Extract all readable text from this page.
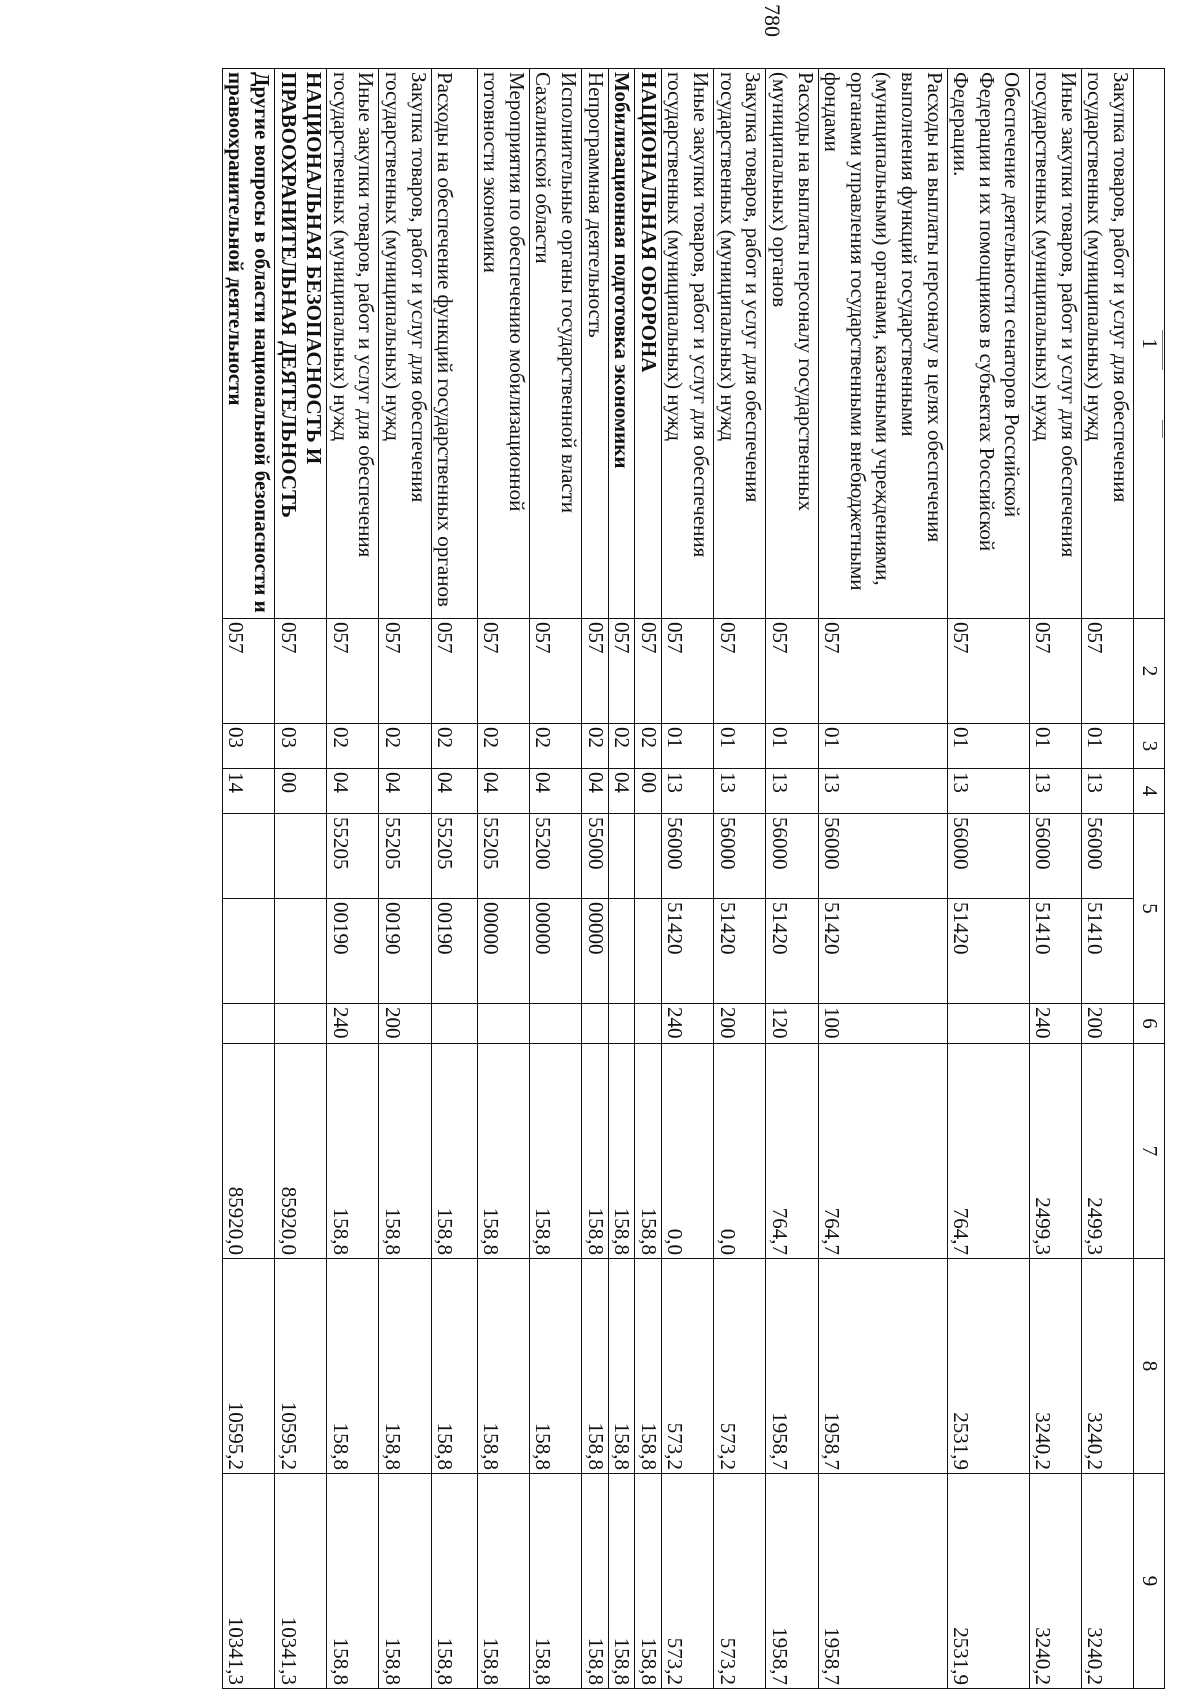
780
1	2	3	4	5		6	7	8	9
Закупка товаров, работ и услуг для обеспечения государственных (муниципальных) нужд	057	01	13	56000	51410	200	2499,3	3240,2	3240,2
Иные закупки товаров, работ и услуг для обеспечения государственных (муниципальных) нужд	057	01	13	56000	51410	240	2499,3	3240,2	3240,2
Обеспечение деятельности сенаторов Российской Федерации и их помощников в субъектах Российской Федерации.	057	01	13	56000	51420		764,7	2531,9	2531,9
Расходы на выплаты персоналу в целях обеспечения выполнения функций государственными (муниципальными) органами, казенными учреждениями, органами управления государственными внебюджетными фондами	057	01	13	56000	51420	100	764,7	1958,7	1958,7
Расходы на выплаты персоналу государственных (муниципальных) органов	057	01	13	56000	51420	120	764,7	1958,7	1958,7
Закупка товаров, работ и услуг для обеспечения государственных (муниципальных) нужд	057	01	13	56000	51420	200	0,0	573,2	573,2
Иные закупки товаров, работ и услуг для обеспечения государственных (муниципальных) нужд	057	01	13	56000	51420	240	0,0	573,2	573,2
НАЦИОНАЛЬНАЯ ОБОРОНА	057	02	00				158,8	158,8	158,8
Мобилизационная подготовка экономики	057	02	04				158,8	158,8	158,8
Непрограммная деятельность	057	02	04	55000	00000		158,8	158,8	158,8
Исполнительные органы государственной власти Сахалинской области	057	02	04	55200	00000		158,8	158,8	158,8
Мероприятия по обеспечению мобилизационной готовности экономики	057	02	04	55205	00000		158,8	158,8	158,8
Расходы на обеспечение функций государственных органов	057	02	04	55205	00190		158,8	158,8	158,8
Закупка товаров, работ и услуг для обеспечения государственных (муниципальных) нужд	057	02	04	55205	00190	200	158,8	158,8	158,8
Иные закупки товаров, работ и услуг для обеспечения государственных (муниципальных) нужд	057	02	04	55205	00190	240	158,8	158,8	158,8
НАЦИОНАЛЬНАЯ БЕЗОПАСНОСТЬ И ПРАВООХРАНИТЕЛЬНАЯ ДЕЯТЕЛЬНОСТЬ	057	03	00				85920,0	10595,2	10341,3
Другие вопросы в области национальной безопасности и правоохранительной деятельности	057	03	14				85920,0	10595,2	10341,3
